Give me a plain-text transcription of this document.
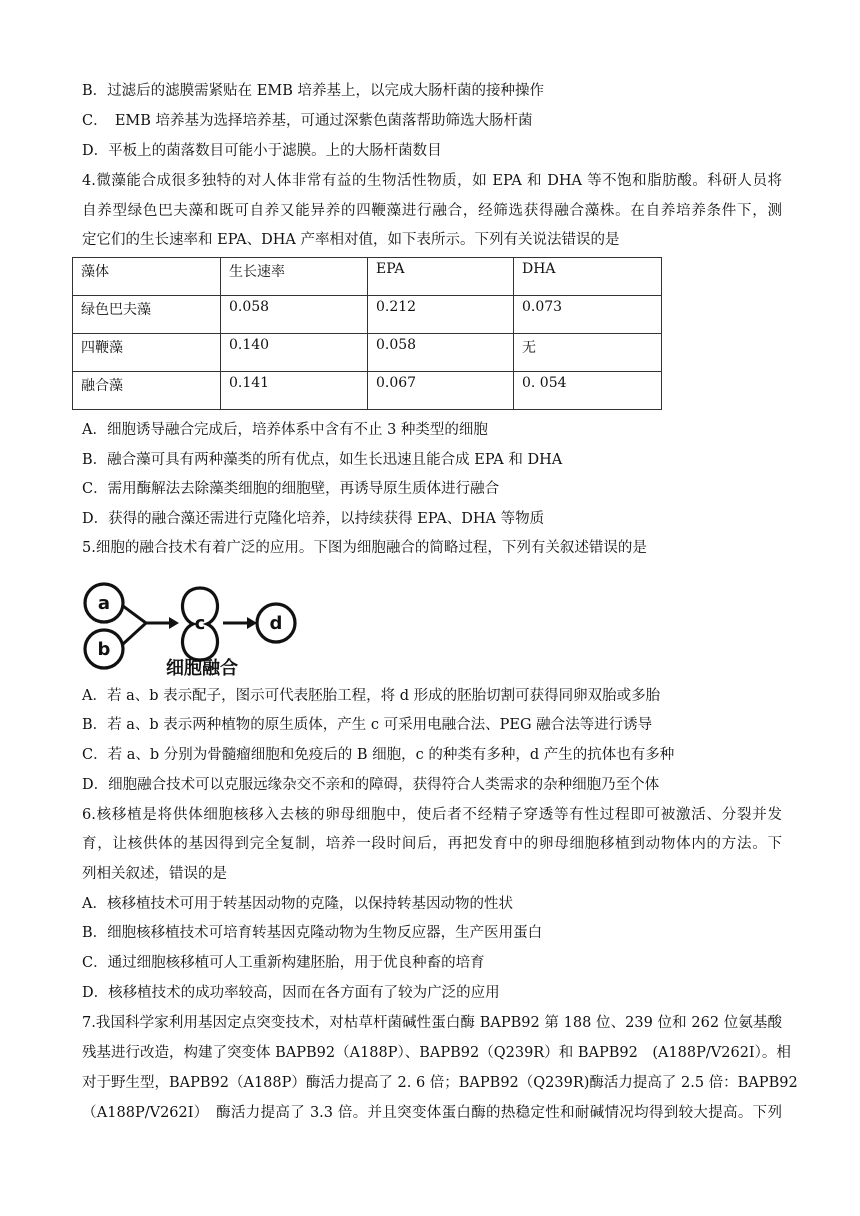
B．过滤后的滤膜需紧贴在 EMB 培养基上，以完成大肠杆菌的接种操作
C．　EMB 培养基为选择培养基，可通过深紫色菌落帮助筛选大肠杆菌
D．平板上的菌落数目可能小于滤膜。上的大肠杆菌数目
4.微藻能合成很多独特的对人体非常有益的生物活性物质，如 EPA 和 DHA 等不饱和脂肪酸。科研人员将
自养型绿色巴夫藻和既可自养又能异养的四鞭藻进行融合，经筛选获得融合藻株。在自养培养条件下，测
定它们的生长速率和 EPA、DHA 产率相对值，如下表所示。下列有关说法错误的是
藻体	生长速率	EPA	DHA
绿色巴夫藻	0.058	0.212	0.073
四鞭藻	0.140	0.058	无
融合藻	0.141	0.067	0. 054
A．细胞诱导融合完成后，培养体系中含有不止 3 种类型的细胞
B．融合藻可具有两种藻类的所有优点，如生长迅速且能合成 EPA 和 DHA
C．需用酶解法去除藻类细胞的细胞壁，再诱导原生质体进行融合
D．获得的融合藻还需进行克隆化培养，以持续获得 EPA、DHA 等物质
5.细胞的融合技术有着广泛的应用。下图为细胞融合的简略过程，下列有关叙述错误的是
a
b
c	d
细胞融合
A．若 a、b 表示配子，图示可代表胚胎工程，将 d 形成的胚胎切割可获得同卵双胎或多胎
B．若 a、b 表示两种植物的原生质体，产生 c 可采用电融合法、PEG 融合法等进行诱导
C．若 a、b 分别为骨髓瘤细胞和免疫后的 B 细胞，c 的种类有多种，d 产生的抗体也有多种
D．细胞融合技术可以克服远缘杂交不亲和的障碍，获得符合人类需求的杂种细胞乃至个体
6.核移植是将供体细胞核移入去核的卵母细胞中，使后者不经精子穿透等有性过程即可被激活、分裂并发
育，让核供体的基因得到完全复制，培养一段时间后，再把发育中的卵母细胞移植到动物体内的方法。下
列相关叙述，错误的是
A．核移植技术可用于转基因动物的克隆，以保持转基因动物的性状
B．细胞核移植技术可培育转基因克隆动物为生物反应器，生产医用蛋白
C．通过细胞核移植可人工重新构建胚胎，用于优良种畜的培育
D．核移植技术的成功率较高，因而在各方面有了较为广泛的应用
7.我国科学家利用基因定点突变技术，对枯草杆菌碱性蛋白酶 BAPB92 第 188 位、239 位和 262 位氨基酸
残基进行改造，构建了突变体 BAPB92（A188P）、BAPB92（Q239R）和 BAPB92　(A188P/V262I）。相
对于野生型，BAPB92（A188P）酶活力提高了 2. 6 倍；BAPB92（Q239R)酶活力提高了 2.5 倍：BAPB92
（A188P/V262I）　酶活力提高了 3.3 倍。并且突变体蛋白酶的热稳定性和耐碱情况均得到较大提高。下列
